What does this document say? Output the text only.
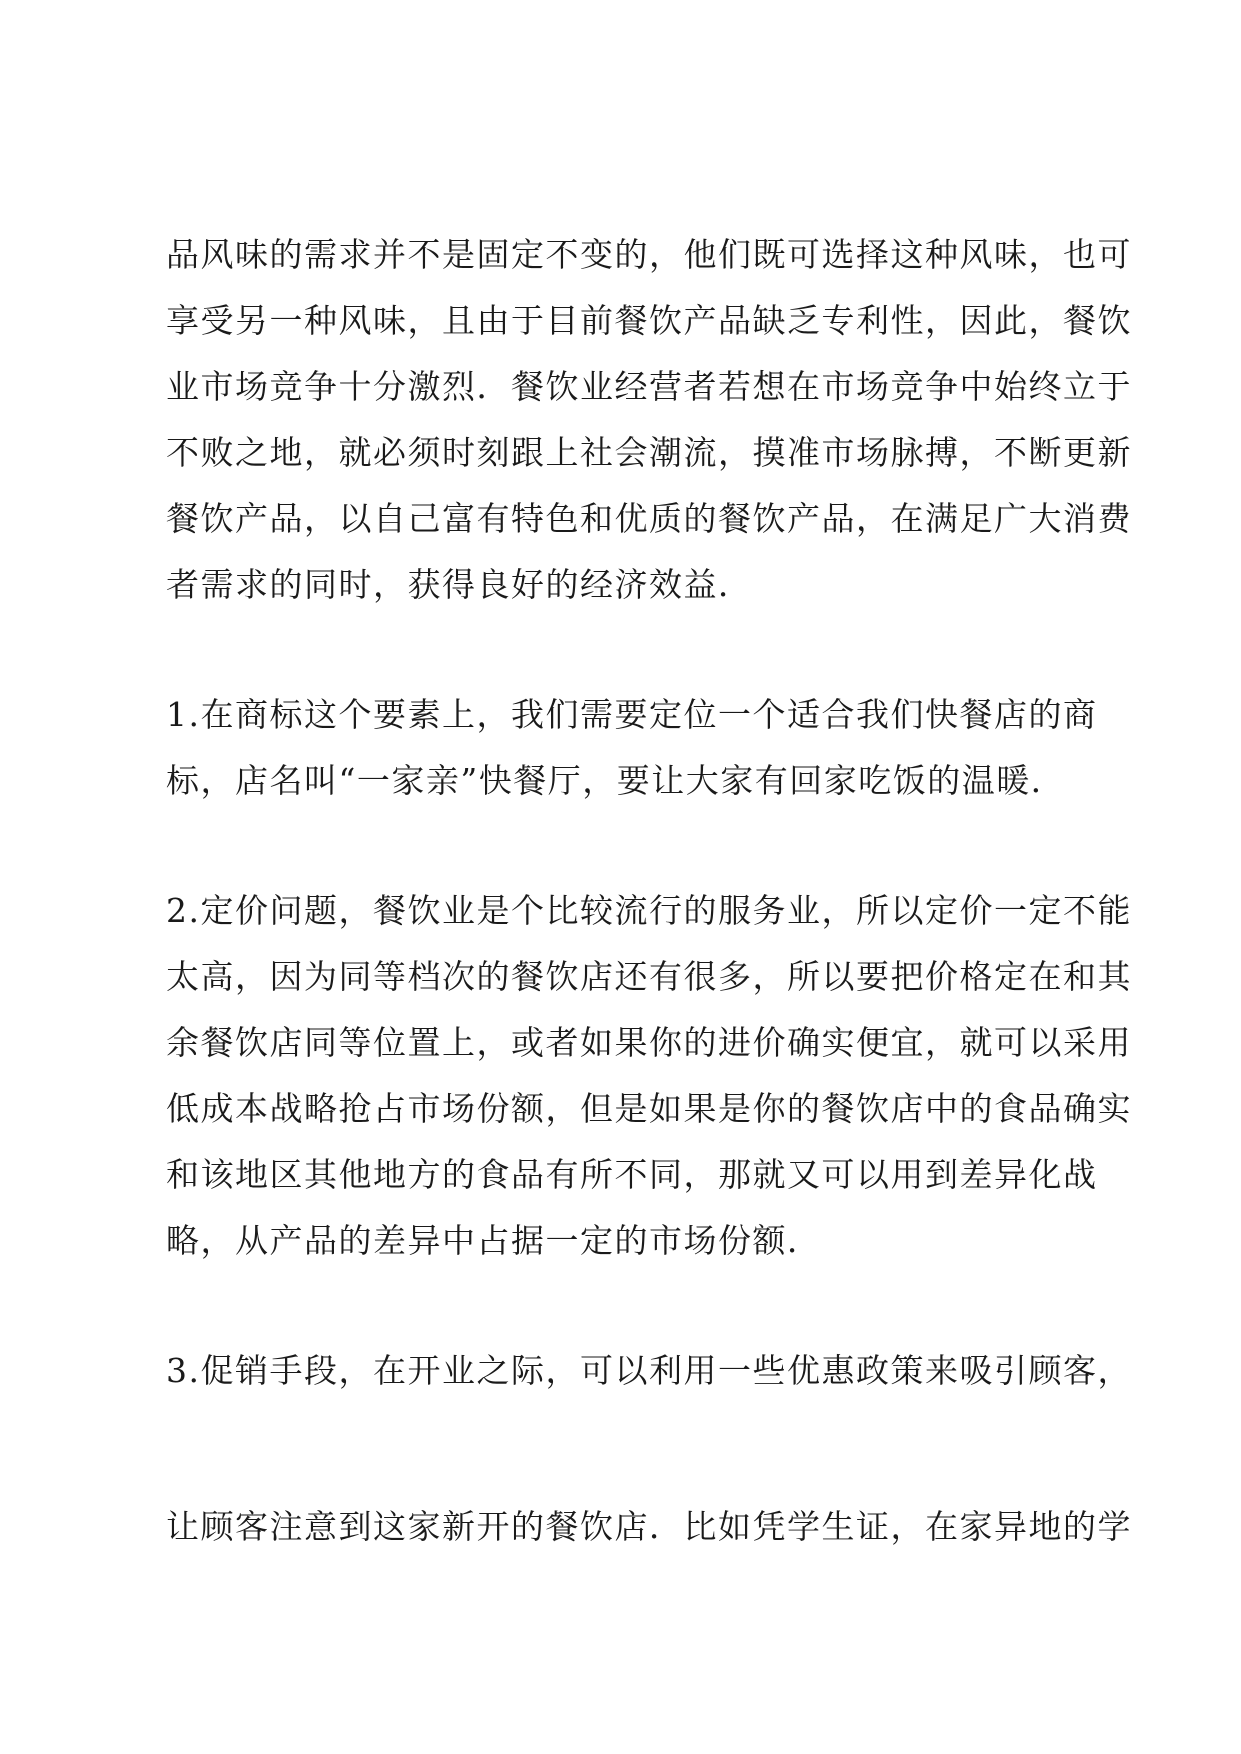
品风味的需求并不是固定不变的，他们既可选择这种风味，也可
享受另一种风味，且由于目前餐饮产品缺乏专利性，因此，餐饮
业市场竞争十分激烈．餐饮业经营者若想在市场竞争中始终立于
不败之地，就必须时刻跟上社会潮流，摸准市场脉搏，不断更新
餐饮产品，以自己富有特色和优质的餐饮产品，在满足广大消费
者需求的同时，获得良好的经济效益．
1.在商标这个要素上，我们需要定位一个适合我们快餐店的商
标，店名叫“一家亲”快餐厅，要让大家有回家吃饭的温暖．
2.定价问题，餐饮业是个比较流行的服务业，所以定价一定不能
太高，因为同等档次的餐饮店还有很多，所以要把价格定在和其
余餐饮店同等位置上，或者如果你的进价确实便宜，就可以采用
低成本战略抢占市场份额，但是如果是你的餐饮店中的食品确实
和该地区其他地方的食品有所不同，那就又可以用到差异化战
略，从产品的差异中占据一定的市场份额．
3.促销手段，在开业之际，可以利用一些优惠政策来吸引顾客，
让顾客注意到这家新开的餐饮店．比如凭学生证，在家异地的学
